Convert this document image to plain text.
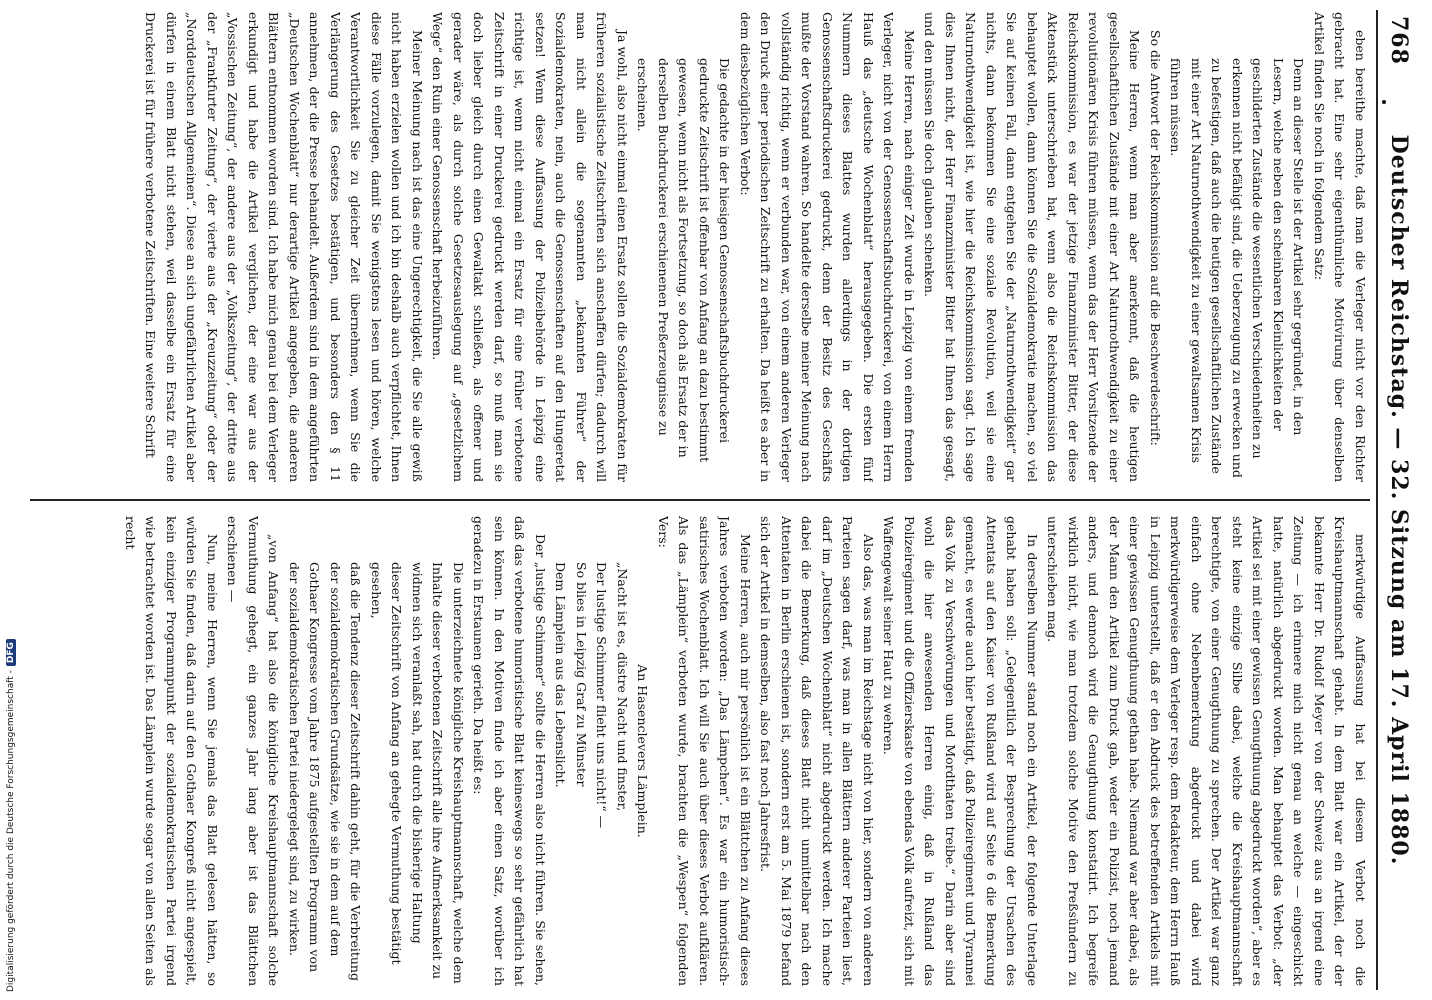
768
Deutscher Reichstag. — 32. Sitzung am 17. April 1880.

eben bereithe machte, daß man die Verleger nicht vor den Richter gebracht hat. Eine sehr eigenthümliche Motivirung über denselben Artikel finden Sie noch in folgendem Satz:

Denn an dieser Stelle ist der Artikel sehr gegründet, in den Lesern, welche neben den scheinbaren Kleinlichkeiten der geschilderten Zustände die wesentlichen Verschiedenheiten zu erkennen nicht befähigt sind, die Ueberzeugung zu erwecken und zu befestigen, daß auch die heutigen gesellschaftlichen Zustände mit einer Art Naturnothwendigkeit zu einer gewaltsamen Krisis führen müssen.

So die Antwort der Reichskommission auf die Beschwerdeschrift:

Meine Herren, wenn man aber anerkennt, daß die heutigen gesellschaftlichen Zustände mit einer Art Naturnothwendigkeit zu einer revolutionären Krisis führen müssen, wenn das der Herr Vorsitzende der Reichskommission, es war der jetzige Finanzminister Bitter, der diese Aktenstück unterschrieben hat, wenn also die Reichskommission das behauptet wollen, dann können Sie die Sozialdemokratie machen, so viel Sie auf keinen Fall, dann entgehen Sie der „Naturnothwendigkeit“ gar nichts, dann bekommen Sie eine soziale Revolution, weil sie eine Naturnothwendigkeit ist, wie hier die Reichskommission sagt. Ich sage dies Ihnen nicht, der Herr Finanzminister Bitter hat Ihnen das gesagt, und den müssen Sie doch glauben schenken.

Meine Herren, nach einiger Zeit wurde in Leipzig von einem fremden Verleger, nicht von der Genossenschaftsbuchdruckerei, von einem Herrn Hauß das „deutsche Wochenblatt“ herausgegeben. Die ersten fünf Nummern dieses Blattes wurden allerdings in der dortigen Genossenschaftsdruckerei gedruckt, denn der Besitz des Geschäfts mußte der Vorstand wahren. So handelte derselbe meiner Meinung nach vollständig richtig, wenn er verbunden war, von einem anderen Verleger den Druck einer periodischen Zeitschrift zu erhalten. Da heißt es aber in dem diesbezüglichen Verbot:

Die gedachte in der hiesigen Genossenschaftsbuchdruckerei gedruckte Zeitschrift ist offenbar von Anfang an dazu bestimmt gewesen, wenn nicht als Fortsetzung, so doch als Ersatz der in derselben Buchdruckerei erschienenen Preßerzeugnisse zu erscheinen.

Ja wohl, also nicht einmal einen Ersatz sollen die Sozialdemokraten für früheren sozialistische Zeitschriften sich anschaffen dürfen; dadurch will man nicht allein die sogenannten „bekannten Führer“ der Sozialdemokraten, nein, auch die Genossenschaften auf den Hungeretat setzen! Wenn diese Auffassung der Polizeibehörde in Leipzig eine richtige ist, wenn nicht einmal ein Ersatz für eine früher verbotene Zeitschrift in einer Druckerei gedruckt werden darf, so muß man sie doch lieber gleich durch einen Gewaltakt schließen, als offener und gerader wäre, als durch solche Gesetzesauslegung auf „gesetzlichem Wege“ den Ruin einer Genossenschaft herbeizuführen.

Meiner Meinung nach ist das eine Ungerechtigkeit, die Sie alle gewiß nicht haben erzielen wollen und ich bin deshalb auch verpflichtet, Ihnen diese Fälle vorzulegen, damit Sie wenigstens lesen und hören, welche Verantwortlichkeit Sie zu gleicher Zeit übernehmen, wenn Sie die Verlängerung des Gesetzes bestätigen, und besonders den § 11 annehmen, der die Presse behandelt. Außerdem sind in dem angeführten „Deutschen Wochenblatt“ nur derartige Artikel angegeben, die anderen Blättern entnommen worden sind. Ich habe mich genau bei dem Verleger erkundigt und habe die Artikel verglichen, der eine war aus der „Vossischen Zeitung“, der andere aus der „Volkszeitung“, der dritte aus der „Frankfurter Zeitung“, der vierte aus der „Kreuzzeitung“ oder der „Norddeutschen Allgemeinen“. Diese an sich ungefährlichen Artikel aber dürfen in einem Blatt nicht stehen, weil dasselbe ein Ersatz für eine Druckerei ist für frühere verbotene Zeitschriften. Eine weitere Schrift

merkwürdige Auffassung hat bei diesem Verbot noch die Kreishauptmannschaft gehabt. In dem Blatt war ein Artikel, der der bekannte Herr Dr. Rudolf Meyer von der Schweiz aus an irgend eine Zeitung — ich erinnere mich nicht genau an welche — eingeschickt hatte, natürlich abgedruckt worden. Man behauptet das Verbot: „der Artikel sei mit einer gewissen Genugthuung abgedruckt worden“, aber es steht keine einzige Silbe dabei, welche die Kreishauptmannschaft berechtigte, von einer Genugthuung zu sprechen. Der Artikel war ganz einfach ohne Nebenbemerkung abgedruckt und dabei wird merkwürdigerweise dem Verleger resp. dem Redakteur, dem Herrn Hauß in Leipzig unterstellt, daß er den Abdruck des betreffenden Artikels mit einer gewissen Genugthuung gethan habe. Niemand war aber dabei, als der Mann den Artikel zum Druck gab, weder ein Polizist, noch jemand anders, und dennoch wird die Genugthuung konstatirt. Ich begreife wirklich nicht, wie man trotzdem solche Motive den Preßsündern zu unterschieben mag.

In derselben Nummer stand noch ein Artikel, der folgende Unterlage gehabt haben soll: „Gelegentlich der Besprechung der Ursachen des Attentats auf den Kaiser von Rußland wird auf Seite 6 die Bemerkung gemacht, es werde auch hier bestätigt, daß Polizeiregiment und Tyrannei das Volk zu Verschwörungen und Mordthaten treibe.“ Darin aber sind wohl die hier anwesenden Herren einig, daß in Rußland das Polizeiregiment und die Offizierskaste von ebendas Volk aufreizt, sich mit Waffengewalt seiner Haut zu wehren.

Also das, was man im Reichstage nicht von hier, sondern von anderen Parteien sagen darf, was man in allen Blättern anderer Parteien liest, darf im „Deutschen Wochenblatt“ nicht abgedruckt werden. Ich mache dabei die Bemerkung, daß dieses Blatt nicht unmittelbar nach den Attentaten in Berlin erschienen ist, sondern erst am 5. Mai 1879 befand sich der Artikel in demselben, also fast noch Jahresfrist.

Meine Herren, auch mir persönlich ist ein Blättchen zu Anfang dieses Jahres verboten worden: „Das Lämpchen“. Es war ein humoristisch-satirisches Wochenblatt. Ich will Sie auch über dieses Verbot aufklären. Als das „Lämplein“ verboten wurde, brachten die „Wespen“ folgenden Vers:

An Hasenclevers Lämplein.

„Nacht ist es, düstre Nacht und finster,

Der lustige Schimmer flieht uns nicht!“ —

So blies in Leipzig Graf zu Münster

Dem Lämplein aus das Lebenslicht.

Der „lustige Schimmer“ sollte die Herren also nicht führen. Sie sehen, daß das verbotene humoristische Blatt keineswegs so sehr gefährlich hat sein können. In den Motiven finde ich aber einen Satz, worüber ich geradezu in Erstaunen gerieth. Da heißt es:

Die unterzeichnete königliche Kreishauptmannschaft, welche dem Inhalte dieser verbotenen Zeitschrift alle ihre Aufmerksamkeit zu widmen sich veranlaßt sah, hat durch die bisherige Haltung dieser Zeitschrift von Anfang an gehegte Vermuthung bestätigt gesehen,

daß die Tendenz dieser Zeitschrift dahin geht, für die Verbreitung der sozialdemokratischen Grundsätze, wie sie in dem auf dem Gothaer Kongresse vom Jahre 1875 aufgestellten Programm von der sozialdemokratischen Partei niedergelegt sind, zu wirken.

„von Anfang“ hat also die königliche Kreishauptmannschaft solche Vermuthung gehegt, ein ganzes Jahr lang aber ist das Blättchen erschienen —

Nun, meine Herren, wenn Sie jemals das Blatt gelesen hätten, so würden Sie finden, daß darin auf den Gothaer Kongreß nicht angespielt, kein einziger Programmpunkt der sozialdemokratischen Partei irgend wie betrachtet worden ist. Das Lämplein wurde sogar von allen Seiten als recht

Digitalisierung gefördert durch die Deutsche Forschungsgemeinschaft -DFG
